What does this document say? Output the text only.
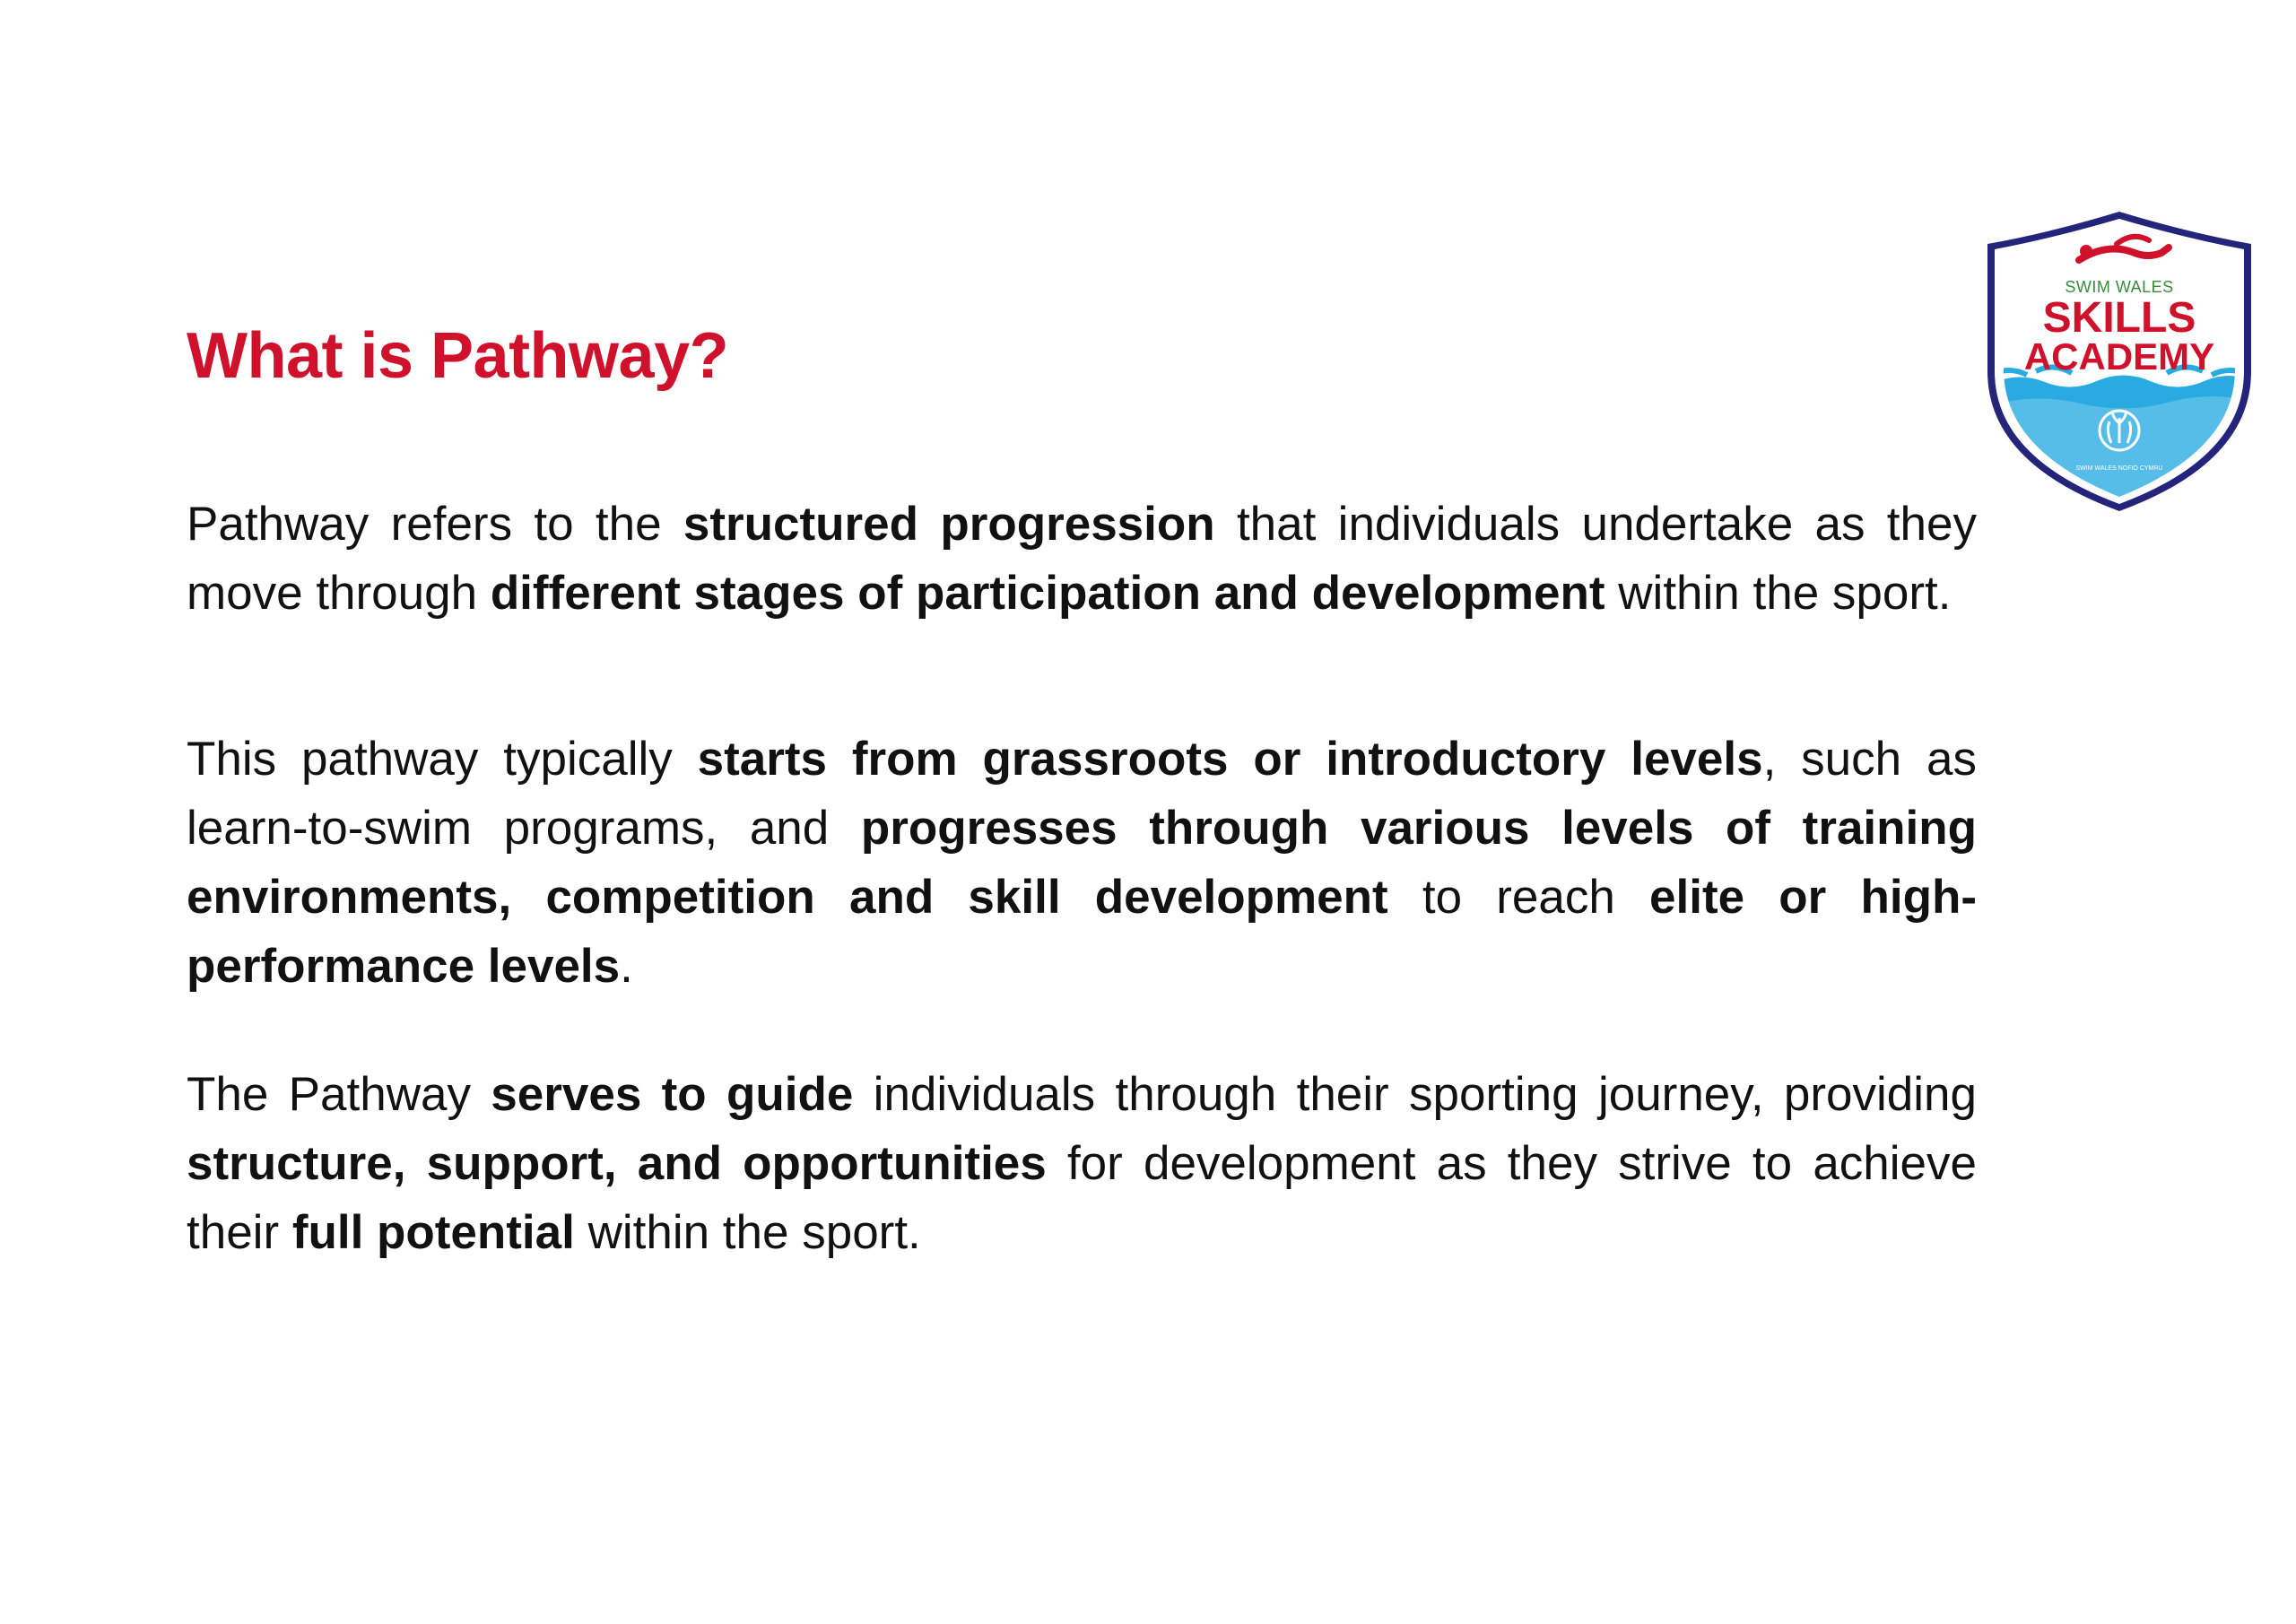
What is Pathway?

Pathway refers to the structured progression that individuals undertake as they move through different stages of participation and development within the sport.

This pathway typically starts from grassroots or introductory levels, such as learn-to-swim programs, and progresses through various levels of training environments, competition and skill development to reach elite or high-performance levels.

The Pathway serves to guide individuals through their sporting journey, providing structure, support, and opportunities for development as they strive to achieve their full potential within the sport.

SWIM WALES
SKILLS
ACADEMY
SWIM WALES NOFIO CYMRU
